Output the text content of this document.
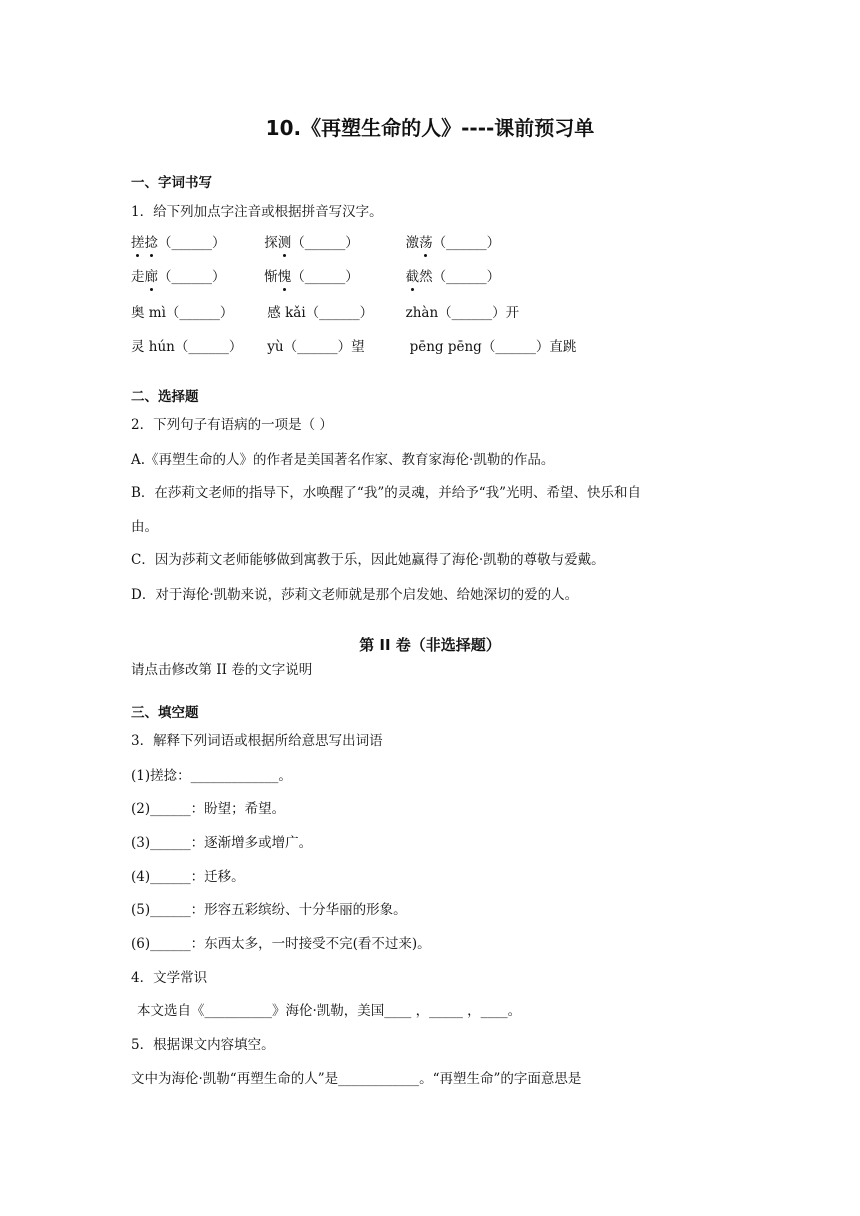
10.《再塑生命的人》----课前预习单
一、字词书写
1．给下列加点字注音或根据拼音写汉字。
搓捻（______）	探测（______）	激荡（______）
走廊（______）	惭愧（______）	截然（______）
奥 mì（______）	感 kǎi（______） zhàn（______）开
灵 hún（______） yù（______）望	pēng pēng（______）直跳
二、选择题
2．下列句子有语病的一项是（ ）
A.《再塑生命的人》的作者是美国著名作家、教育家海伦·凯勒的作品。
B．在莎莉文老师的指导下，水唤醒了“我”的灵魂，并给予“我”光明、希望、快乐和自
由。
C．因为莎莉文老师能够做到寓教于乐，因此她赢得了海伦·凯勒的尊敬与爱戴。
D．对于海伦·凯勒来说，莎莉文老师就是那个启发她、给她深切的爱的人。
第 II 卷（非选择题）
请点击修改第 II 卷的文字说明
三、填空题
3．解释下列词语或根据所给意思写出词语
(1)搓捻：_____________。
(2)______：盼望；希望。
(3)______：逐渐增多或增广。
(4)______：迁移。
(5)______：形容五彩缤纷、十分华丽的形象。
(6)______：东西太多，一时接受不完(看不过来)。
4．文学常识
本文选自《__________》海伦·凯勒，美国____ ，_____ ，____。
5．根据课文内容填空。
文中为海伦·凯勒“再塑生命的人”是____________。“再塑生命”的字面意思是
